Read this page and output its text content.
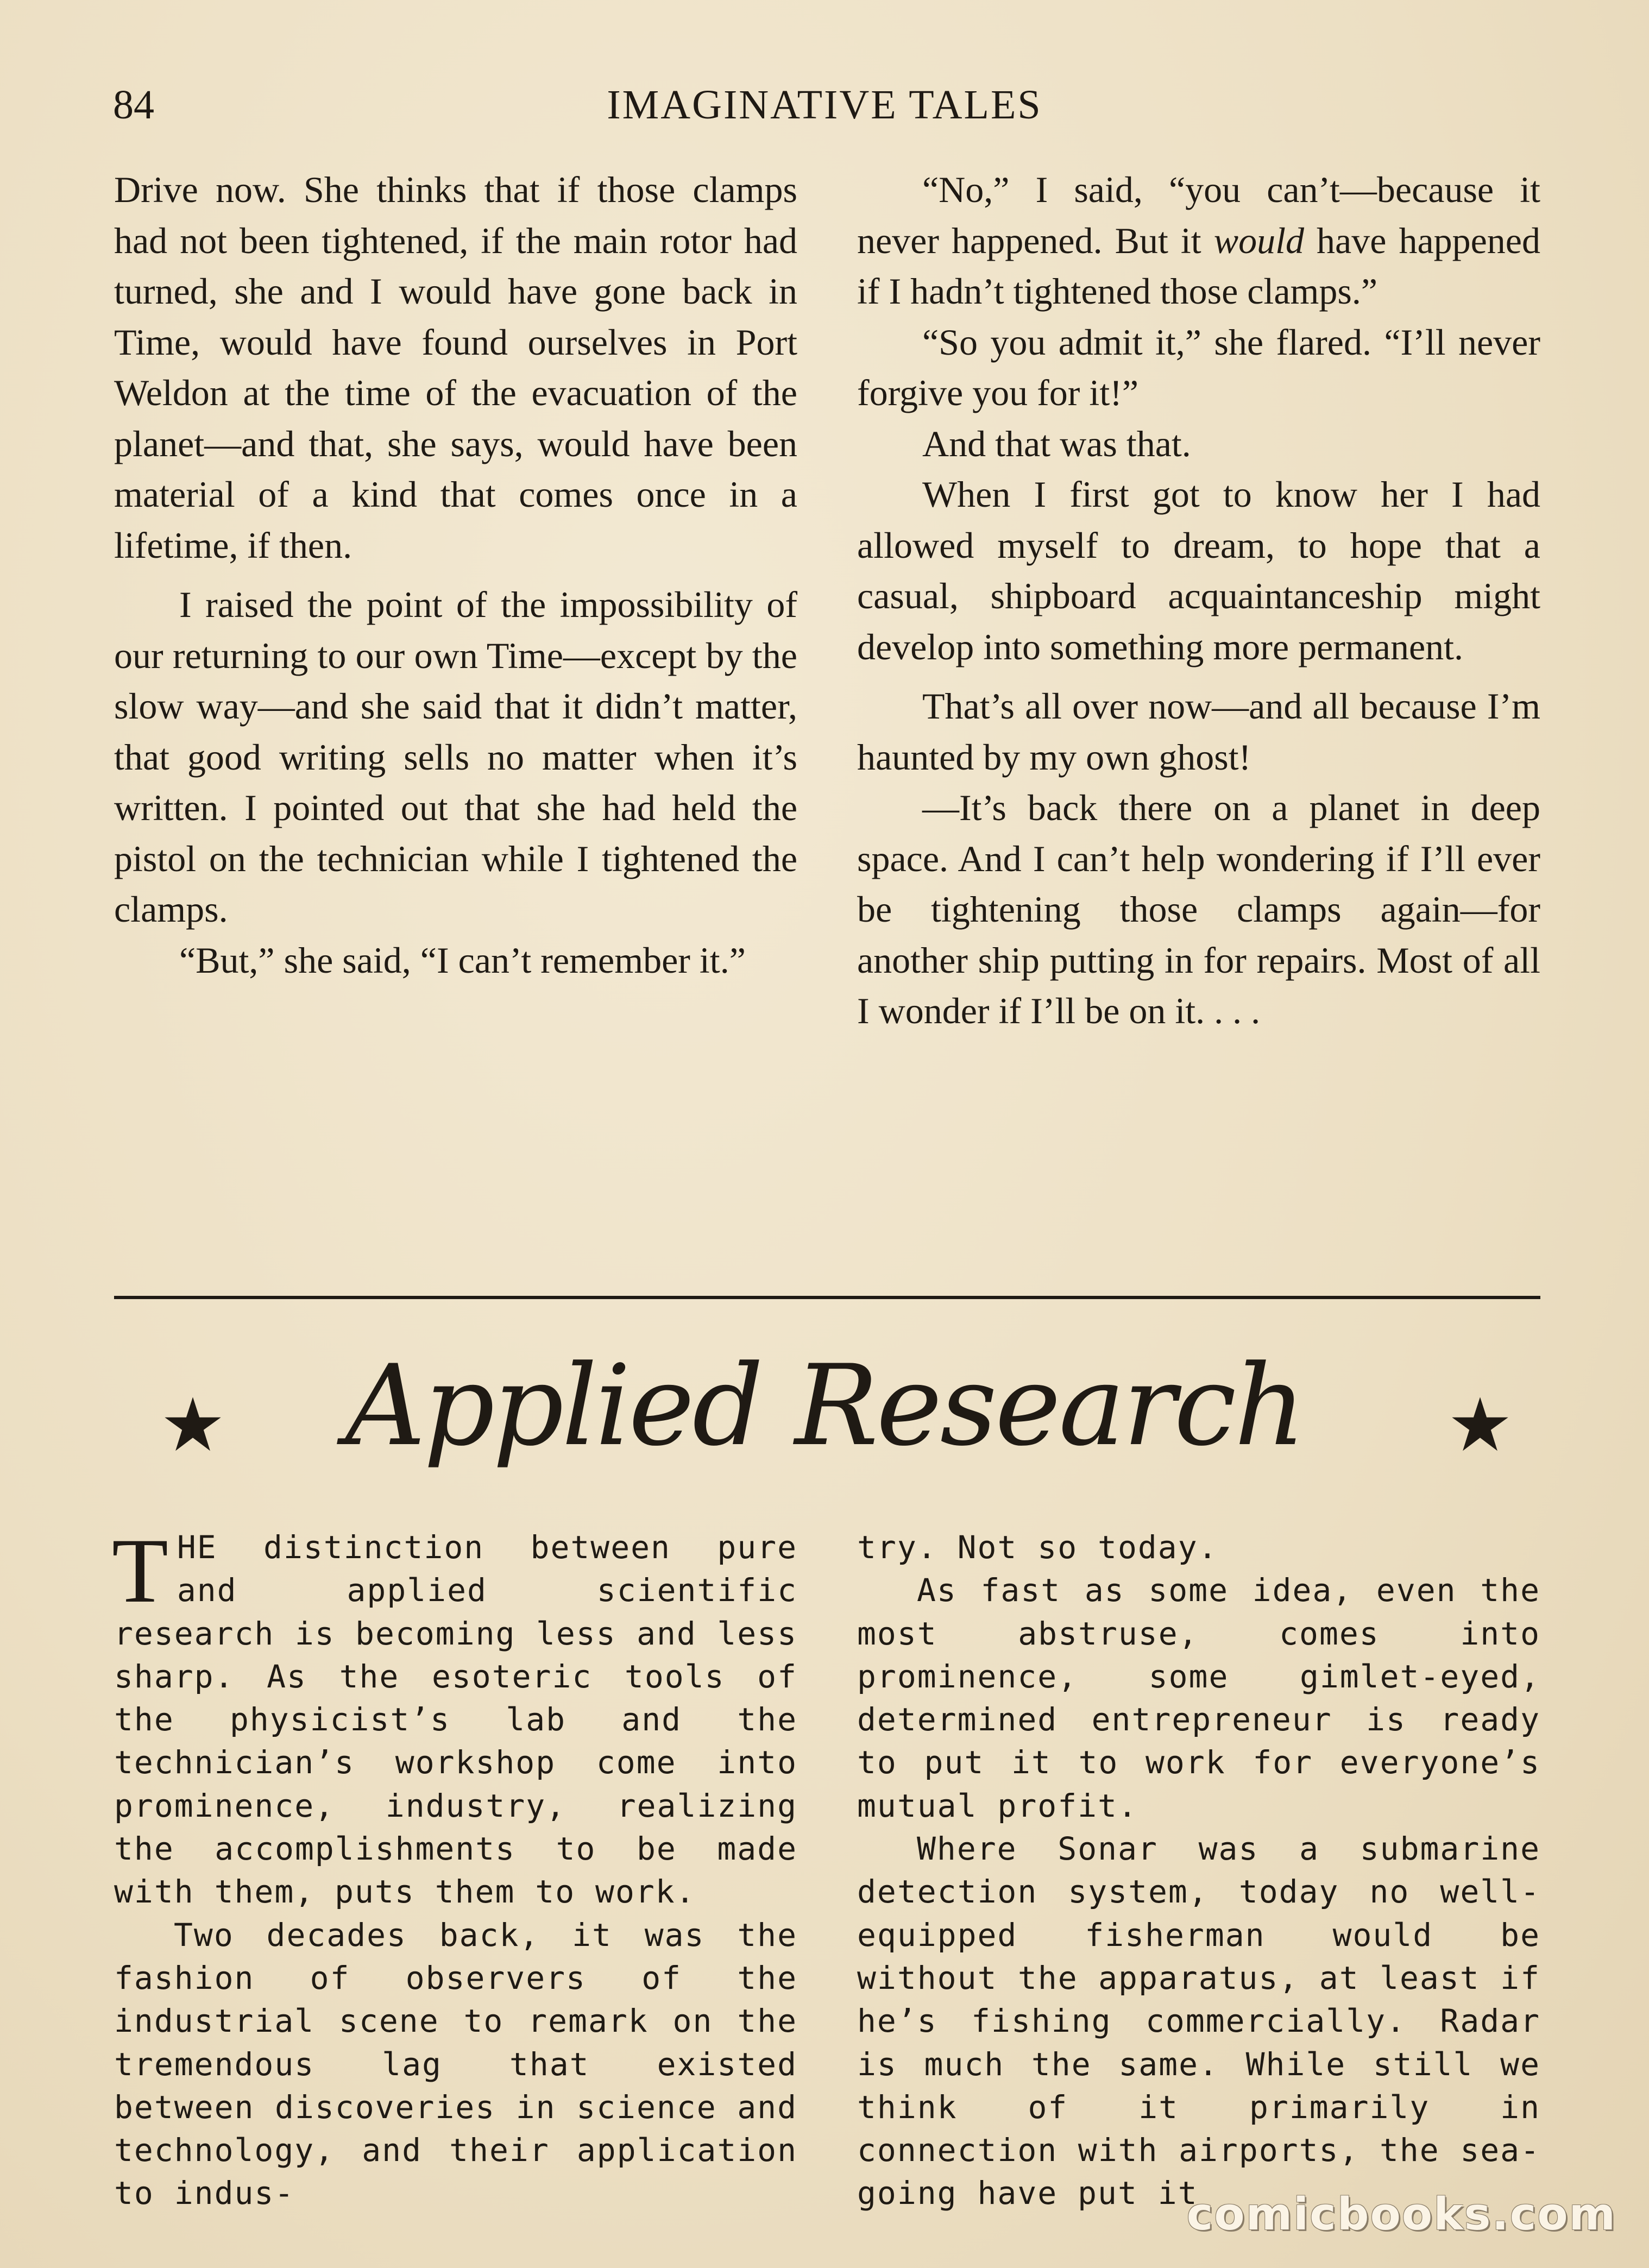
84	IMAGINATIVE TALES

Drive now. She thinks that if those clamps had not been tightened, if the main rotor had turned, she and I would have gone back in Time, would have found ourselves in Port Weldon at the time of the evacuation of the planet—and that, she says, would have been material of a kind that comes once in a lifetime, if then.

I raised the point of the impossibility of our returning to our own Time—except by the slow way—and she said that it didn’t matter, that good writing sells no matter when it’s written. I pointed out that she had held the pistol on the technician while I tightened the clamps.

“But,” she said, “I can’t remember it.”

“No,” I said, “you can’t—because it never happened. But it would have happened if I hadn’t tightened those clamps.”

“So you admit it,” she flared. “I’ll never forgive you for it!”

And that was that.

When I first got to know her I had allowed myself to dream, to hope that a casual, shipboard acquaintanceship might develop into something more permanent.

That’s all over now—and all because I’m haunted by my own ghost!

—It’s back there on a planet in deep space. And I can’t help wondering if I’ll ever be tightening those clamps again—for another ship putting in for repairs. Most of all I wonder if I’ll be on it. . . .

Applied Research

THE distinction between pure and applied scientific research is becoming less and less sharp. As the esoteric tools of the physicist’s lab and the technician’s workshop come into prominence, industry, realizing the accomplishments to be made with them, puts them to work.

Two decades back, it was the fashion of observers of the industrial scene to remark on the tremendous lag that existed between discoveries in science and technology, and their application to indus-

try. Not so today.

As fast as some idea, even the most abstruse, comes into prominence, some gimlet-eyed, determined entrepreneur is ready to put it to work for everyone’s mutual profit.

Where Sonar was a submarine detection system, today no well-equipped fisherman would be without the apparatus, at least if he’s fishing commercially. Radar is much the same. While still we think of it primarily in connection with airports, the sea-going have put it

comicbooks.com
